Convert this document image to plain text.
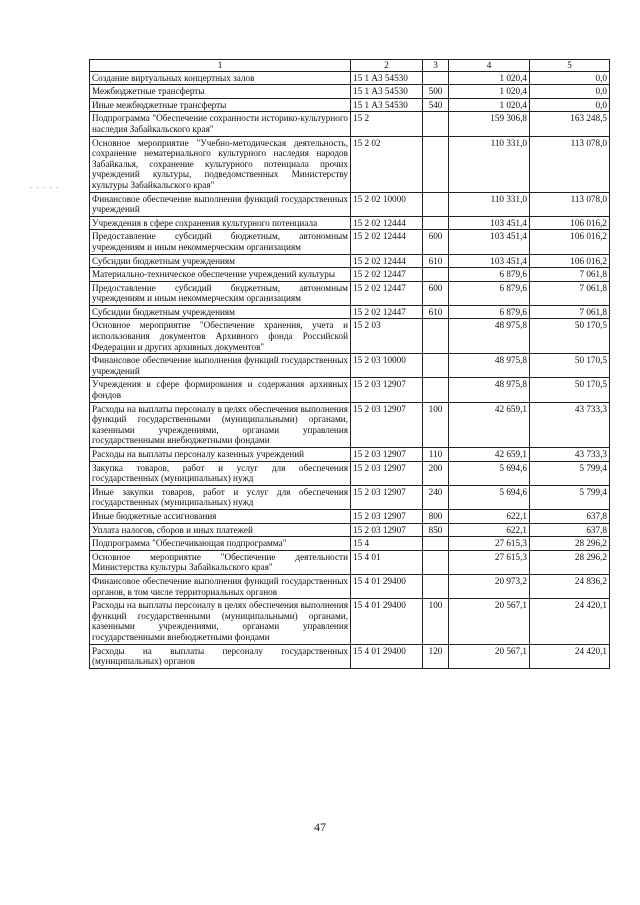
. . . . .
1	2	3	4	5
Создание виртуальных концертных залов	15 1 А3 54530		1 020,4	0,0
Межбюджетные трансферты	15 1 А3 54530	500	1 020,4	0,0
Иные межбюджетные трансферты	15 1 А3 54530	540	1 020,4	0,0
Подпрограмма "Обеспечение сохранности историко-культурного наследия Забайкальского края"	15 2		159 306,8	163 248,5
Основное мероприятие "Учебно-методическая деятельность, сохранение нематериального культурного наследия народов Забайкалья, сохранение культурного потенциала прочих учреждений культуры, подведомственных Министерству культуры Забайкальского края"	15 2 02		110 331,0	113 078,0
Финансовое обеспечение выполнения функций государственных учреждений	15 2 02 10000		110 331,0	113 078,0
Учреждения в сфере сохранения культурного потенциала	15 2 02 12444		103 451,4	106 016,2
Предоставление субсидий бюджетным, автономным учреждениям и иным некоммерческим организациям	15 2 02 12444	600	103 451,4	106 016,2
Субсидии бюджетным учреждениям	15 2 02 12444	610	103 451,4	106 016,2
Материально-техническое обеспечение учреждений культуры	15 2 02 12447		6 879,6	7 061,8
Предоставление субсидий бюджетным, автономным учреждениям и иным некоммерческим организациям	15 2 02 12447	600	6 879,6	7 061,8
Субсидии бюджетным учреждениям	15 2 02 12447	610	6 879,6	7 061,8
Основное мероприятие "Обеспечение хранения, учета и использования документов Архивного фонда Российской Федерации и других архивных документов"	15 2 03		48 975,8	50 170,5
Финансовое обеспечение выполнения функций государственных учреждений	15 2 03 10000		48 975,8	50 170,5
Учреждения в сфере формирования и содержания архивных фондов	15 2 03 12907		48 975,8	50 170,5
Расходы на выплаты персоналу в целях обеспечения выполнения функций государственными (муниципальными) органами, казенными учреждениями, органами управления государственными внебюджетными фондами	15 2 03 12907	100	42 659,1	43 733,3
Расходы на выплаты персоналу казенных учреждений	15 2 03 12907	110	42 659,1	43 733,3
Закупка товаров, работ и услуг для обеспечения государственных (муниципальных) нужд	15 2 03 12907	200	5 694,6	5 799,4
Иные закупки товаров, работ и услуг для обеспечения государственных (муниципальных) нужд	15 2 03 12907	240	5 694,6	5 799,4
Иные бюджетные ассигнования	15 2 03 12907	800	622,1	637,8
Уплата налогов, сборов и иных платежей	15 2 03 12907	850	622,1	637,8
Подпрограмма "Обеспечивающая подпрограмма"	15 4		27 615,3	28 296,2
Основное мероприятие "Обеспечение деятельности Министерства культуры Забайкальского края"	15 4 01		27 615,3	28 296,2
Финансовое обеспечение выполнения функций государственных органов, в том числе территориальных органов	15 4 01 29400		20 973,2	24 836,2
Расходы на выплаты персоналу в целях обеспечения выполнения функций государственными (муниципальными) органами, казенными учреждениями, органами управления государственными внебюджетными фондами	15 4 01 29400	100	20 567,1	24 420,1
Расходы на выплаты персоналу государственных (муниципальных) органов	15 4 01 29400	120	20 567,1	24 420,1
47
